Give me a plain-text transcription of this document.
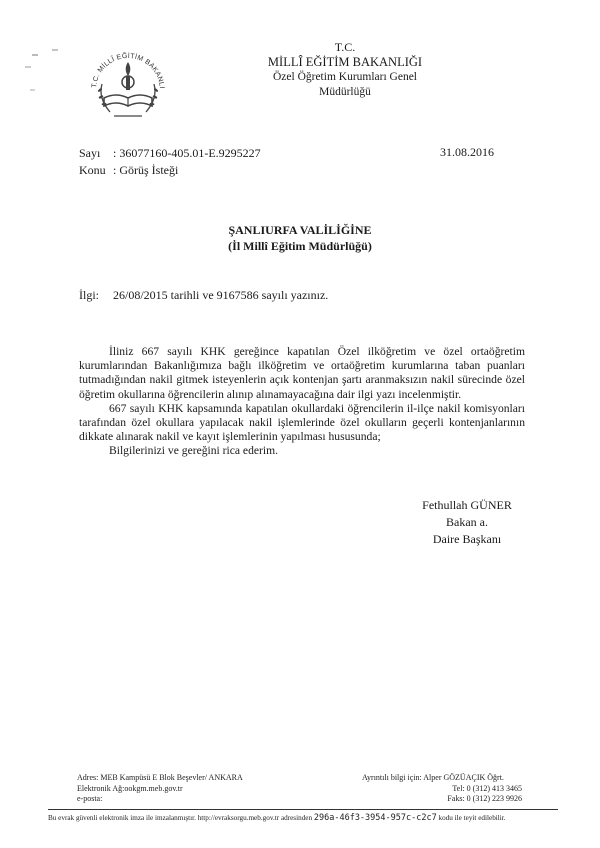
T.C. MİLLÎ EĞİTİM BAKANLI
T.C.
MİLLÎ EĞİTİM BAKANLIĞI
Özel Öğretim Kurumları Genel Müdürlüğü
Sayı	: 36077160-405.01-E.9295227
Konu : Görüş İsteği
31.08.2016
ŞANLIURFA VALİLİĞİNE
(İl Millî Eğitim Müdürlüğü)
İlgi:	26/08/2015 tarihli ve 9167586 sayılı yazınız.

İliniz 667 sayılı KHK gereğince kapatılan Özel ilköğretim ve özel ortaöğretim kurumlarından Bakanlığımıza bağlı ilköğretim ve ortaöğretim kurumlarına taban puanları tutmadığından nakil gitmek isteyenlerin açık kontenjan şartı aranmaksızın nakil sürecinde özel öğretim okullarına öğrencilerin alınıp alınamayacağına dair ilgi yazı incelenmiştir.

667 sayılı KHK kapsamında kapatılan okullardaki öğrencilerin il-ilçe nakil komisyonları tarafından özel okullara yapılacak nakil işlemlerinde özel okulların geçerli kontenjanlarının dikkate alınarak nakil ve kayıt işlemlerinin yapılması hususunda;

Bilgilerinizi ve gereğini rica ederim.

Fethullah GÜNER
Bakan a.
Daire Başkanı
Adres: MEB Kampüsü E Blok Beşevler/ ANKARA
Elektronik Ağ:ookgm.meb.gov.tr
e-posta:
Ayrıntılı bilgi için: Alper GÖZÜAÇIK Öğrt.
Tel: 0 (312) 413 3465
Faks: 0 (312) 223 9926
Bu evrak güvenli elektronik imza ile imzalanmıştır. http://evraksorgu.meb.gov.tr adresinden 296a-46f3-3954-957c-c2c7 kodu ile teyit edilebilir.
